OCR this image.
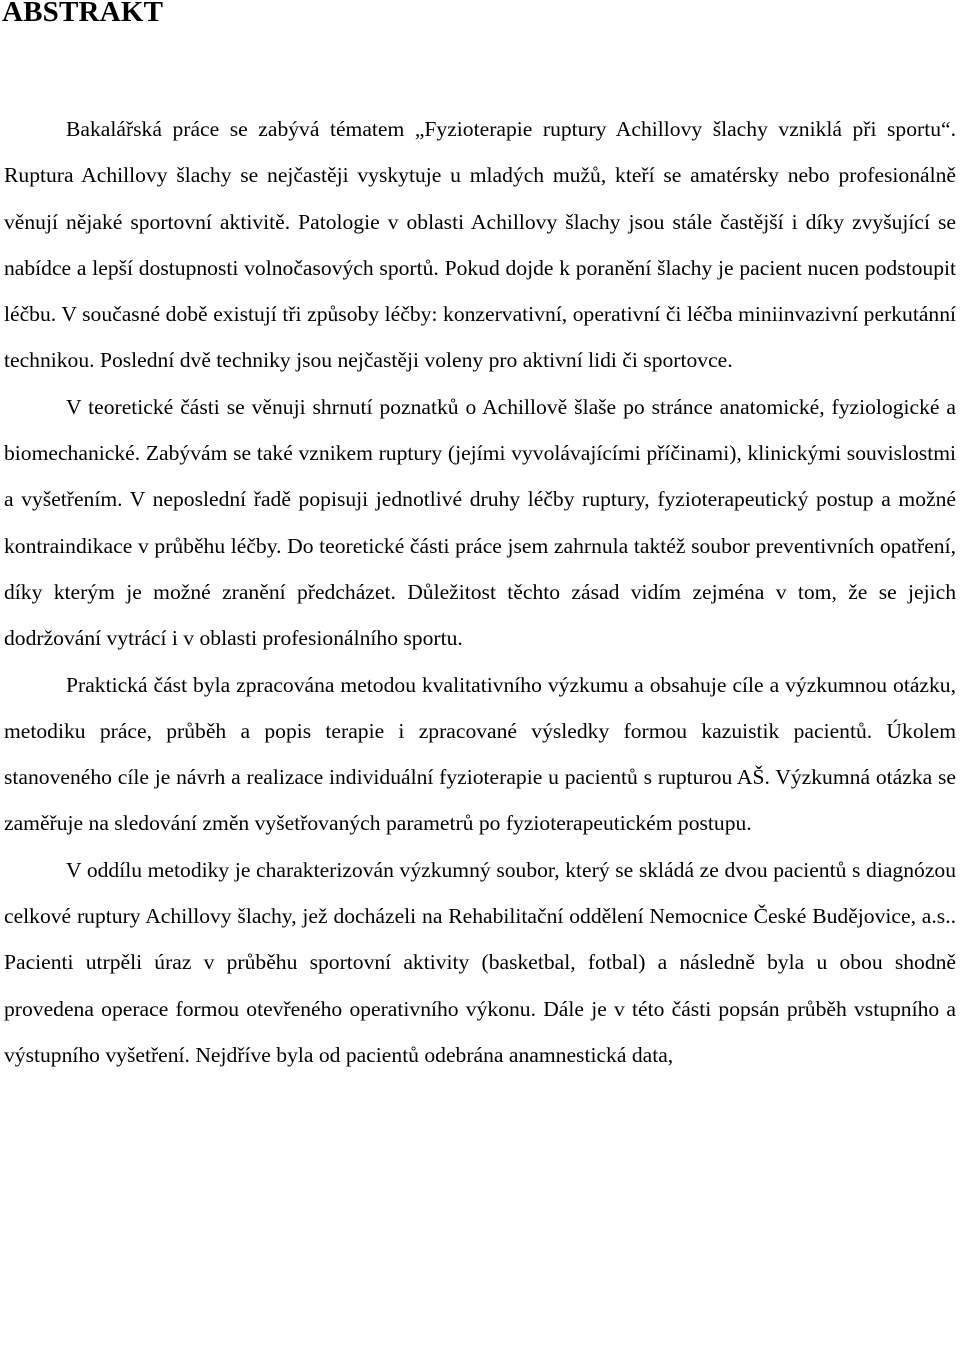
ABSTRAKT

Bakalářská práce se zabývá tématem „Fyzioterapie ruptury Achillovy šlachy vzniklá při sportu“. Ruptura Achillovy šlachy se nejčastěji vyskytuje u mladých mužů, kteří se amatérsky nebo profesionálně věnují nějaké sportovní aktivitě. Patologie v oblasti Achillovy šlachy jsou stále častější i díky zvyšující se nabídce a lepší dostupnosti volnočasových sportů. Pokud dojde k poranění šlachy je pacient nucen podstoupit léčbu. V současné době existují tři způsoby léčby: konzervativní, operativní či léčba miniinvazivní perkutánní technikou. Poslední dvě techniky jsou nejčastěji voleny pro aktivní lidi či sportovce.

V teoretické části se věnuji shrnutí poznatků o Achillově šlaše po stránce anatomické, fyziologické a biomechanické. Zabývám se také vznikem ruptury (jejími vyvolávajícími příčinami), klinickými souvislostmi a vyšetřením. V neposlední řadě popisuji jednotlivé druhy léčby ruptury, fyzioterapeutický postup a možné kontraindikace v průběhu léčby. Do teoretické části práce jsem zahrnula taktéž soubor preventivních opatření, díky kterým je možné zranění předcházet. Důležitost těchto zásad vidím zejména v tom, že se jejich dodržování vytrácí i v oblasti profesionálního sportu.

Praktická část byla zpracována metodou kvalitativního výzkumu a obsahuje cíle a výzkumnou otázku, metodiku práce, průběh a popis terapie i zpracované výsledky formou kazuistik pacientů. Úkolem stanoveného cíle je návrh a realizace individuální fyzioterapie u pacientů s rupturou AŠ. Výzkumná otázka se zaměřuje na sledování změn vyšetřovaných parametrů po fyzioterapeutickém postupu.

V oddílu metodiky je charakterizován výzkumný soubor, který se skládá ze dvou pacientů s diagnózou celkové ruptury Achillovy šlachy, jež docházeli na Rehabilitační oddělení Nemocnice České Budějovice, a.s.. Pacienti utrpěli úraz v průběhu sportovní aktivity (basketbal, fotbal) a následně byla u obou shodně provedena operace formou otevřeného operativního výkonu. Dále je v této části popsán průběh vstupního a výstupního vyšetření. Nejdříve byla od pacientů odebrána anamnestická data,
